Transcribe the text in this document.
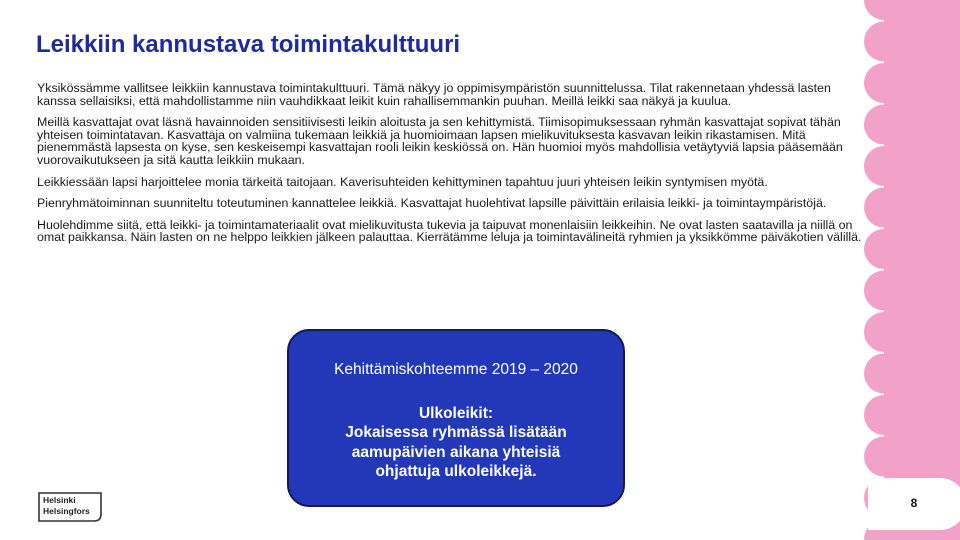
Leikkiin kannustava toimintakulttuuri

Yksikössämme vallitsee leikkiin kannustava toimintakulttuuri. Tämä näkyy jo oppimisympäristön suunnittelussa. Tilat rakennetaan yhdessä lasten kanssa sellaisiksi, että mahdollistamme niin vauhdikkaat leikit kuin rahallisemmankin puuhan. Meillä leikki saa näkyä ja kuulua.

Meillä kasvattajat ovat läsnä havainnoiden sensitiivisesti leikin aloitusta ja sen kehittymistä. Tiimisopimuksessaan ryhmän kasvattajat sopivat tähän yhteisen toimintatavan. Kasvattaja on valmiina tukemaan leikkiä ja huomioimaan lapsen mielikuvituksesta kasvavan leikin rikastamisen. Mitä pienemmästä lapsesta on kyse, sen keskeisempi kasvattajan rooli leikin keskiössä on. Hän huomioi myös mahdollisia vetäytyviä lapsia pääsemään vuorovaikutukseen ja sitä kautta leikkiin mukaan.

Leikkiessään lapsi harjoittelee monia tärkeitä taitojaan. Kaverisuhteiden kehittyminen tapahtuu juuri yhteisen leikin syntymisen myötä.

Pienryhmätoiminnan suunniteltu toteutuminen kannattelee leikkiä. Kasvattajat huolehtivat lapsille päivittäin erilaisia leikki- ja toimintaympäristöjä.

Huolehdimme siitä, että leikki- ja toimintamateriaalit ovat mielikuvitusta tukevia ja taipuvat monenlaisiin leikkeihin. Ne ovat lasten saatavilla ja niillä on omat paikkansa. Näin lasten on ne helppo leikkien jälkeen palauttaa. Kierrätämme leluja ja toimintavälineitä ryhmien ja yksikkömme päiväkotien välillä.

Kehittämiskohteemme 2019 – 2020
Ulkoleikit:
Jokaisessa ryhmässä lisätään
aamupäivien aikana yhteisiä
ohjattuja ulkoleikkejä.
Helsinki
Helsingfors
8
